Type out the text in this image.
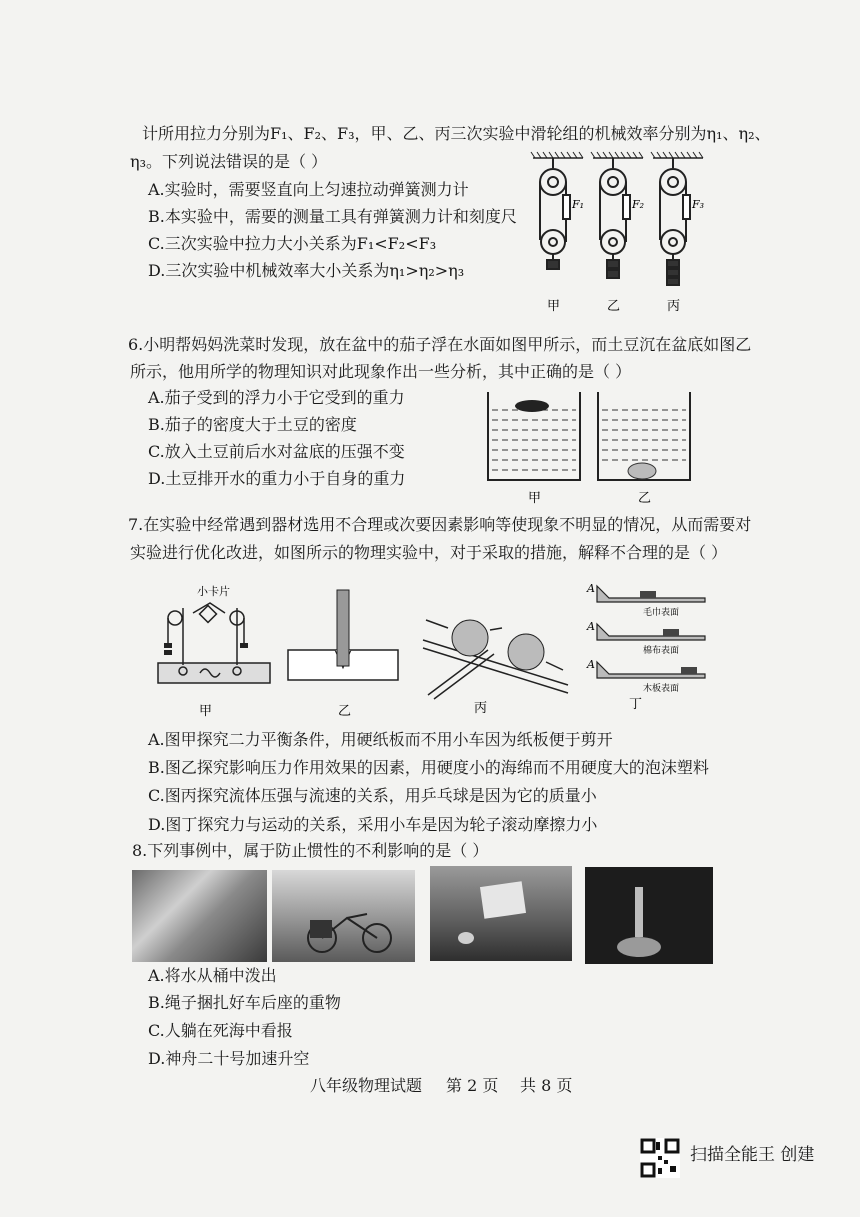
计所用拉力分别为F₁、F₂、F₃，甲、乙、丙三次实验中滑轮组的机械效率分别为η₁、η₂、
η₃。下列说法错误的是（ ）
A.实验时，需要竖直向上匀速拉动弹簧测力计
B.本实验中，需要的测量工具有弹簧测力计和刻度尺
C.三次实验中拉力大小关系为F₁<F₂<F₃
D.三次实验中机械效率大小关系为η₁>η₂>η₃
F₁	F₂	F₃
甲	乙	丙
6.小明帮妈妈洗菜时发现，放在盆中的茄子浮在水面如图甲所示，而土豆沉在盆底如图乙
所示，他用所学的物理知识对此现象作出一些分析，其中正确的是（ ）
A.茄子受到的浮力小于它受到的重力
B.茄子的密度大于土豆的密度
C.放入土豆前后水对盆底的压强不变
D.土豆排开水的重力小于自身的重力
甲	乙
7.在实验中经常遇到器材选用不合理或次要因素影响等使现象不明显的情况，从而需要对
实验进行优化改进，如图所示的物理实验中，对于采取的措施，解释不合理的是（ ）
小卡片
甲	乙	丙
A
A
A
毛巾表面
棉布表面
木板表面
丁
A.图甲探究二力平衡条件，用硬纸板而不用小车因为纸板便于剪开
B.图乙探究影响压力作用效果的因素，用硬度小的海绵而不用硬度大的泡沫塑料
C.图丙探究流体压强与流速的关系，用乒乓球是因为它的质量小
D.图丁探究力与运动的关系，采用小车是因为轮子滚动摩擦力小
8.下列事例中，属于防止惯性的不利影响的是（ ）
A.将水从桶中泼出
B.绳子捆扎好车后座的重物
C.人躺在死海中看报
D.神舟二十号加速升空
八年级物理试题 第 2 页 共 8 页
扫描全能王 创建
